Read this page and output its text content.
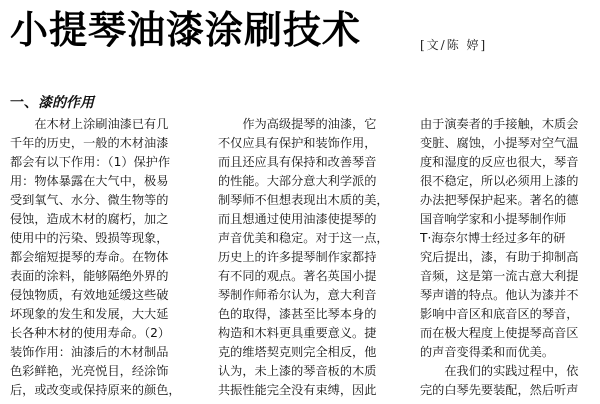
小提琴油漆涂刷技术	[文/陈 婷]
一、漆的作用
　　在木材上涂刷油漆已有几
千年的历史，一般的木材油漆
都会有以下作用：（1）保护作
用：物体暴露在大气中，极易
受到氧气、水分、微生物等的
侵蚀，造成木材的腐朽，加之
使用中的污染、毁损等现象，
都会缩短提琴的寿命。在物体
表面的涂料，能够隔绝外界的
侵蚀物质，有效地延缓这些破
坏现象的发生和发展，大大延
长各种木材的使用寿命。（2）
装饰作用：油漆后的木材制品
色彩鲜艳，光亮悦目，经涂饰
后，或改变或保持原来的颜色，
　　作为高级提琴的油漆，它
不仅应具有保护和装饰作用，
而且还应具有保持和改善琴音
的性能。大部分意大利学派的
制琴师不但想表现出木质的美，
而且想通过使用油漆使提琴的
声音优美和稳定。对于这一点，
历史上的许多提琴制作家都持
有不同的观点。著名英国小提
琴制作师希尔认为，意大利音
色的取得，漆甚至比琴本身的
构造和木料更具重要意义。捷
克的维塔契克则完全相反，他
认为，未上漆的琴音板的木质
共振性能完全没有束缚，因此
由于演奏者的手接触，木质会
变脏、腐蚀，小提琴对空气温
度和湿度的反应也很大，琴音
很不稳定，所以必须用上漆的
办法把琴保护起来。著名的德
国音响学家和小提琴制作师
T·海奈尔博士经过多年的研
究后提出，漆，有助于抑制高
音频，这是第一流古意大利提
琴声谱的特点。他认为漆并不
影响中音区和底音区的琴音，
而在极大程度上使提琴高音区
的声音变得柔和而优美。
　　在我们的实践过程中，依
完的白琴先要装配，然后听声
